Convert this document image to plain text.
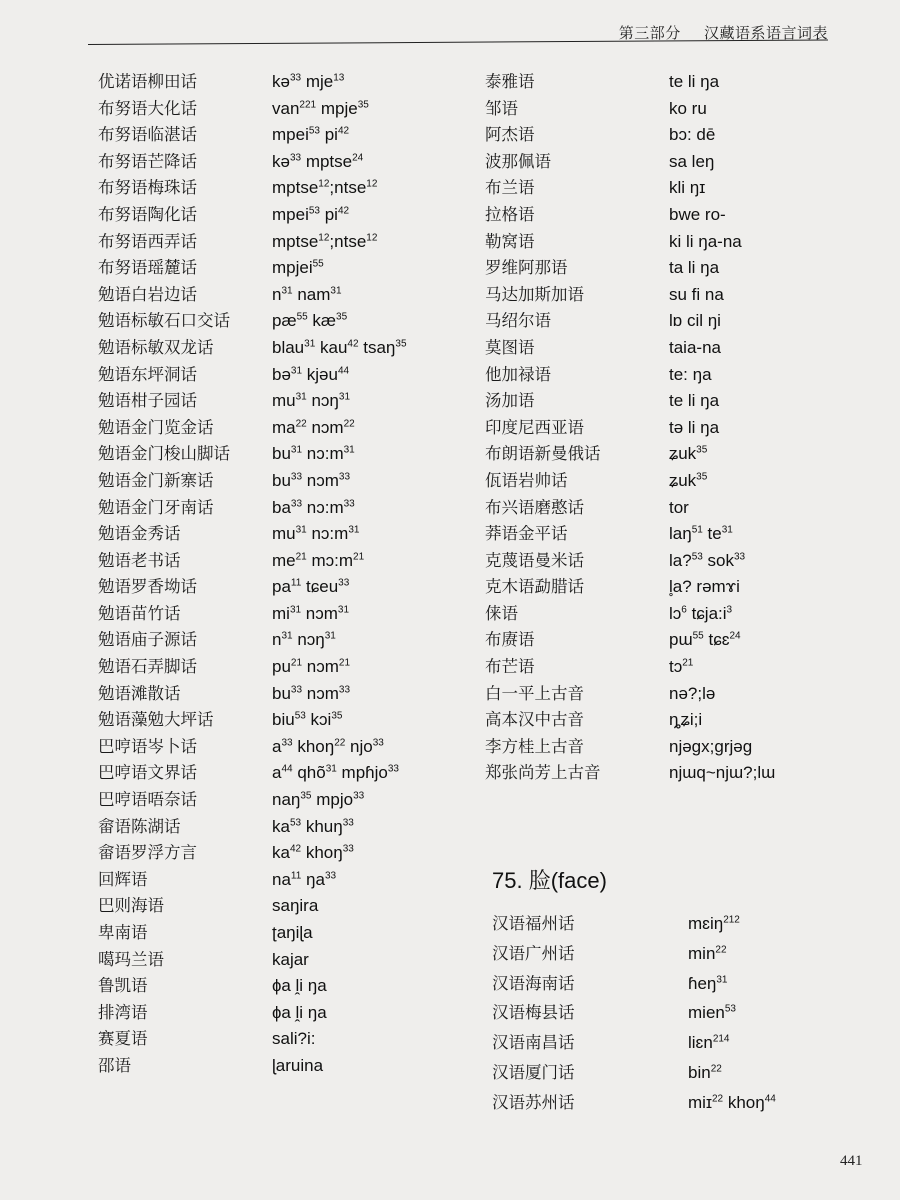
第三部分 汉藏语系语言词表
优诺语柳田话	kə$^{33}$ mje$^{13}$
布努语大化话	van$^{221}$ mpje$^{35}$
布努语临湛话	mpei$^{53}$ $pi^{42}$
布努语芒降话	kə$^{33}$ mptse$^{24}$
布努语梅珠话	mptse$^{12}$;ntse$^{12}$
布努语陶化话	mpei$^{53}$ $pi^{42}$
布努语西弄话	mptse$^{12}$;ntse$^{12}$
布努语瑶麓话	mpjei$^{55}$
勉语白岩边话	$n^{31}$ nam$^{31}$
勉语标敏石口交话	$pæ^{55}$ $kæ^{35}$
勉语标敏双龙话	blau$^{31}$ kau$^{42}$ tsaŋ$^{35}$
勉语东坪洞话	bə$^{31}$ kjəu$^{44}$
勉语柑子园话	$mu^{31}$ nɔŋ$^{31}$
勉语金门览金话	$ma^{22}$ nɔm$^{22}$
勉语金门梭山脚话	$bu^{31}$ $nɔ:m^{31}$
勉语金门新寨话	$bu^{33}$ nɔm$^{33}$
勉语金门牙南话	$ba^{33}$ $nɔ:m^{33}$
勉语金秀话	$mu^{31}$ $nɔ:m^{31}$
勉语老书话	$me^{21}$ $mɔ:m^{21}$
勉语罗香坳话	$pa^{11}$ tɕeu$^{33}$
勉语苗竹话	$mi^{31}$ nɔm$^{31}$
勉语庙子源话	$n^{31}$ nɔŋ$^{31}$
勉语石弄脚话	$pu^{21}$ nɔm$^{21}$
勉语滩散话	$bu^{33}$ nɔm$^{33}$
勉语藻勉大坪话	biu$^{53}$ kɔi$^{35}$
巴哼语岑卜话	$a^{33}$ khoŋ$^{22}$ njo$^{33}$
巴哼语文界话	$a^{44}$ qhõ$^{31}$ mpɦjo$^{33}$
巴哼语唔奈话	naŋ$^{35}$ mpjo$^{33}$
畲语陈湖话	$ka^{53}$ khuŋ$^{33}$
畲语罗浮方言	$ka^{42}$ khoŋ$^{33}$
回辉语	$na^{11}$ $ŋa^{33}$
巴则海语	saŋira
卑南语	ʈaŋiɭa
噶玛兰语	kajar
鲁凯语	ɸa ḽi ŋa
排湾语	ɸa ḽi ŋa
赛夏语	sali?i:
邵语	ɭaruina
泰雅语	te li ŋa
邹语	ko ru
阿杰语	bɔ: dē
波那佩语	sa leŋ
布兰语	kli ŋɪ
拉格语	bwe ro-
勒窝语	ki li ŋa-na
罗维阿那语	ta li ŋa
马达加斯加语	su fi na
马绍尔语	lɒ cil ŋi
莫图语	taia-na
他加禄语	te: ŋa
汤加语	te li ŋa
印度尼西亚语	tə li ŋa
布朗语新曼俄话	ʑuk$^{35}$
佤语岩帅话	ʑuk$^{35}$
布兴语磨憨话	tor
莽语金平话	laŋ$^{51}$ $te^{31}$
克蔑语曼米话	la?$^{53}$ sok$^{33}$
克木语勐腊话	l̥a? rəmɤi
俫语	lɔ$^6$ $tɕja:i^3$
布赓语	pɯ$^{55}$ tɕɛ$^{24}$
布芒语	tɔ$^{21}$
白一平上古音	nə?;lə
高本汉中古音	ȵʑi;i
李方桂上古音	njəgx;grjəg
郑张尚芳上古音	njɯq~njɯ?;lɯ
75. 脸(face)
汉语福州话	mɛiŋ$^{212}$
汉语广州话	$\min^{22}$
汉语海南话	ɦeŋ$^{31}$
汉语梅县话	mien$^{53}$
汉语南昌话	liɛn$^{214}$
汉语厦门话	bin$^{22}$
汉语苏州话	miɪ$^{22}$ khoŋ$^{44}$
441
